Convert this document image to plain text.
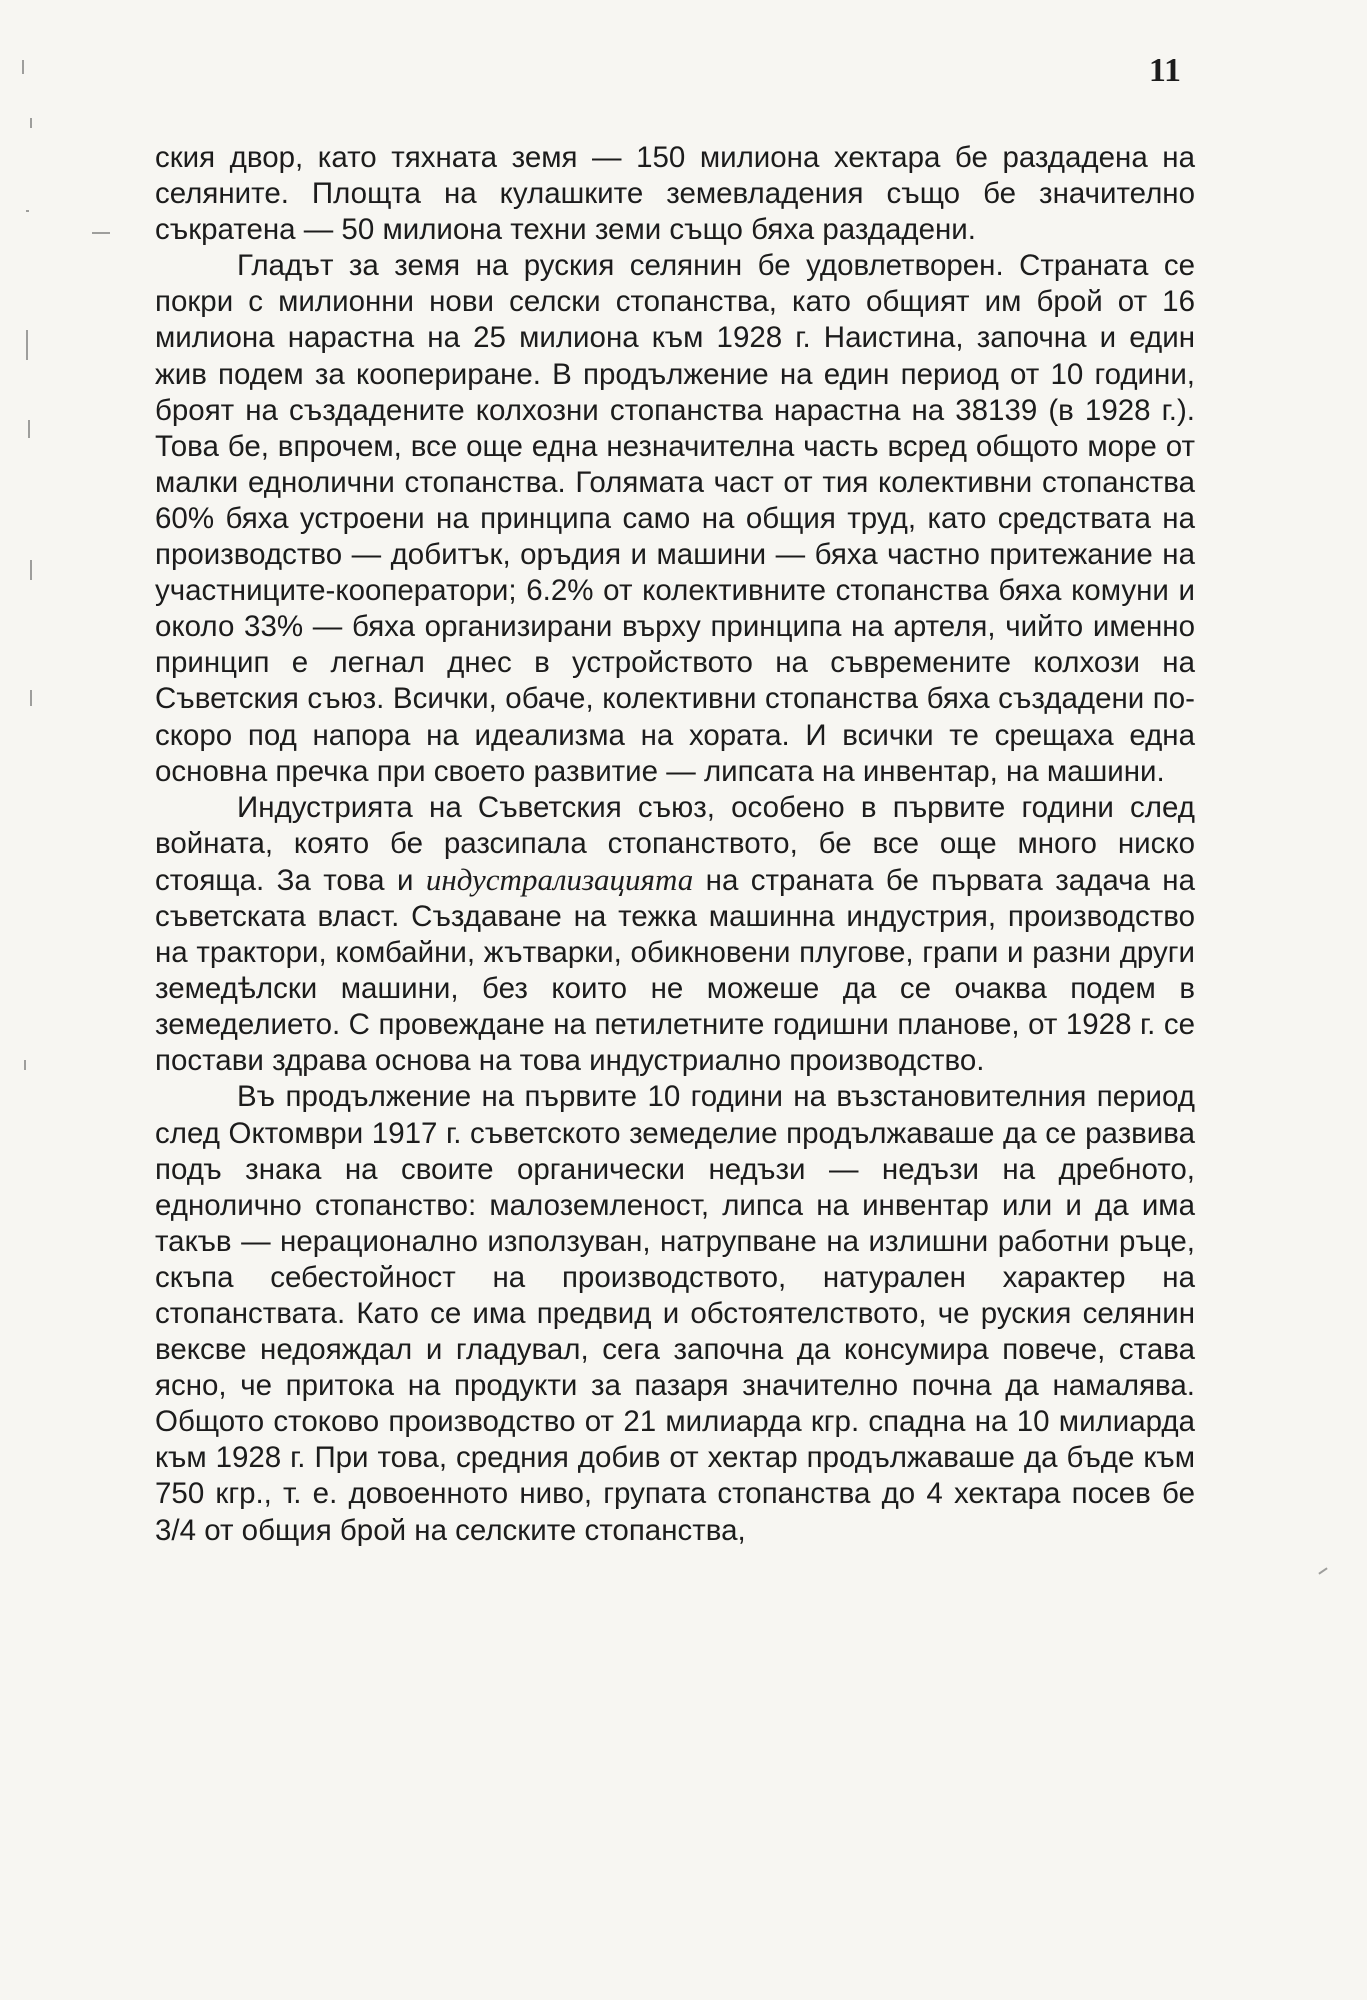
11

ския двор, като тяхната земя — 150 милиона хектара бе раздадена на селяните. Площта на кулашките земевладения също бе значително съкратена — 50 милиона техни земи също бяха раздадени.

Гладът за земя на руския селянин бе удовлетворен. Страната се покри с милионни нови селски стопанства, като общият им брой от 16 милиона нарастна на 25 милиона към 1928 г. Наистина, започна и един жив подем за коопериране. В продължение на един период от 10 години, броят на създадените колхозни стопанства нарастна на 38139 (в 1928 г.). Това бе, впрочем, все още една незначителна часть всред общото море от малки еднолични стопанства. Голямата част от тия колективни стопанства 60% бяха устроени на принципа само на общия труд, като средствата на производство — добитък, оръдия и машини — бяха частно притежание на участниците-кооператори; 6.2% от колективните стопанства бяха комуни и около 33% — бяха организирани върху принципа на артеля, чийто именно принцип е легнал днес в устройството на съвремените колхози на Съветския съюз. Всички, обаче, колективни стопанства бяха създадени по-скоро под напора на идеализма на хората. И всички те срещаха една основна пречка при своето развитие — липсата на инвентар, на машини.

Индустрията на Съветския съюз, особено в първите години след войната, която бе разсипала стопанството, бе все още много ниско стояща. За това и индустрализацията на страната бе първата задача на съветската власт. Създаване на тежка машинна индустрия, производство на трактори, комбайни, жътварки, обикновени плугове, грапи и разни други земедѣлски машини, без които не можеше да се очаква подем в земеделието. С провеждане на петилетните годишни планове, от 1928 г. се постави здрава основа на това индустриално производство.

Въ продължение на първите 10 години на възстановителния период след Октомври 1917 г. съветското земеделие продължаваше да се развива подъ знака на своите органически недъзи — недъзи на дребното, еднолично стопанство: малоземленост, липса на инвентар или и да има такъв — нерационално използуван, натрупване на излишни работни ръце, скъпа себестойност на производството, натурален характер на стопанствата. Като се има предвид и обстоятелството, че руския селянин вексве недояждал и гладувал, сега започна да консумира повече, става ясно, че притока на продукти за пазаря значително почна да намалява. Общото стоково производство от 21 милиарда кгр. спадна на 10 милиарда към 1928 г. При това, средния добив от хектар продължаваше да бъде към 750 кгр., т. е. довоенното ниво, групата стопанства до 4 хектара посев бе 3/4 от общия брой на селските стопанства,
